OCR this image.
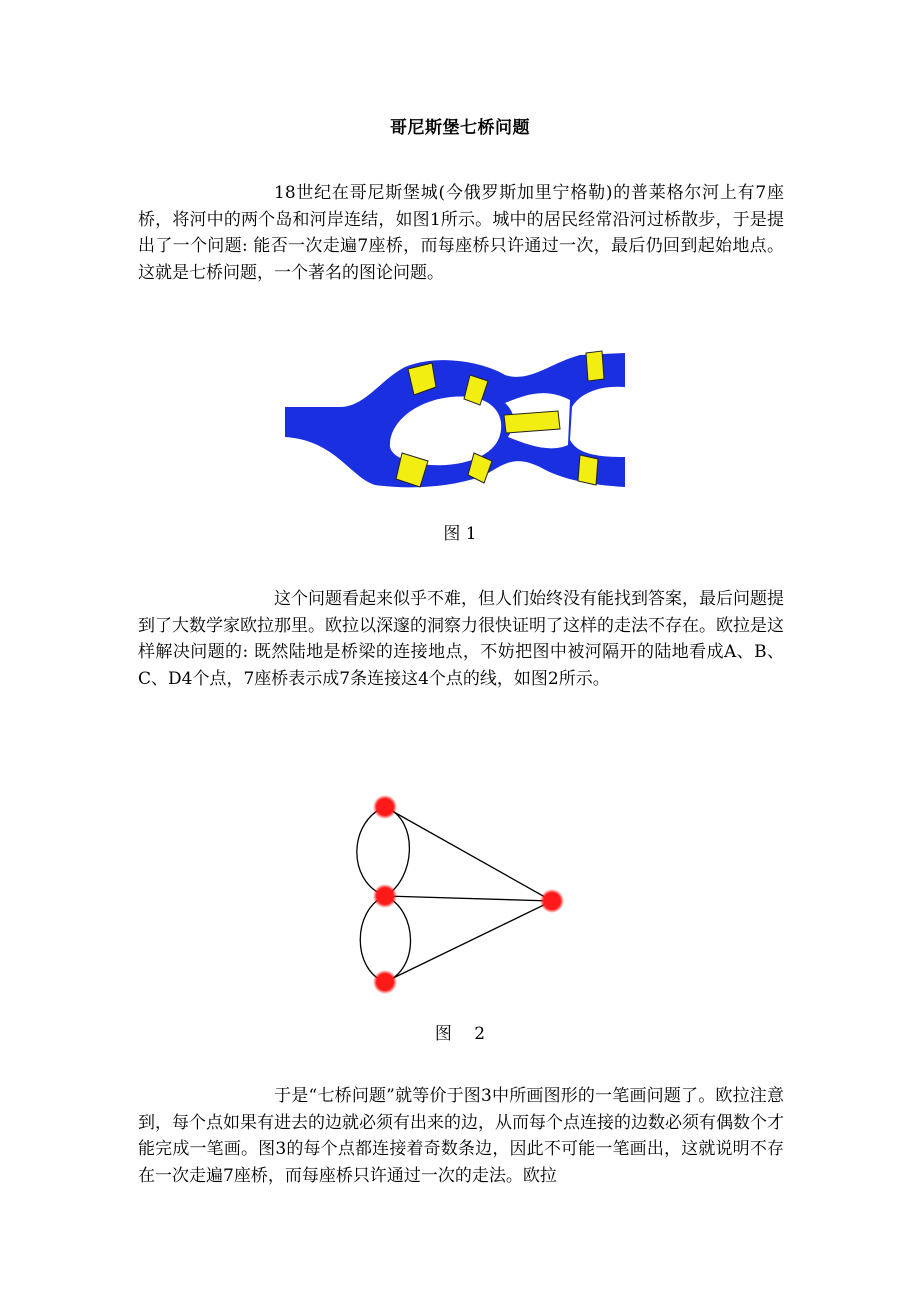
哥尼斯堡七桥问题
18世纪在哥尼斯堡城(今俄罗斯加里宁格勒)的普莱格尔河上有7座桥，将河中的两个岛和河岸连结，如图1所示。城中的居民经常沿河过桥散步，于是提出了一个问题: 能否一次走遍7座桥，而每座桥只许通过一次，最后仍回到起始地点。这就是七桥问题，一个著名的图论问题。
图 1
这个问题看起来似乎不难，但人们始终没有能找到答案，最后问题提到了大数学家欧拉那里。欧拉以深邃的洞察力很快证明了这样的走法不存在。欧拉是这样解决问题的: 既然陆地是桥梁的连接地点，不妨把图中被河隔开的陆地看成A、B、C、D4个点，7座桥表示成7条连接这4个点的线，如图2所示。
图　 2
于是“七桥问题”就等价于图3中所画图形的一笔画问题了。欧拉注意到，每个点如果有进去的边就必须有出来的边，从而每个点连接的边数必须有偶数个才能完成一笔画。图3的每个点都连接着奇数条边，因此不可能一笔画出，这就说明不存在一次走遍7座桥，而每座桥只许通过一次的走法。欧拉
